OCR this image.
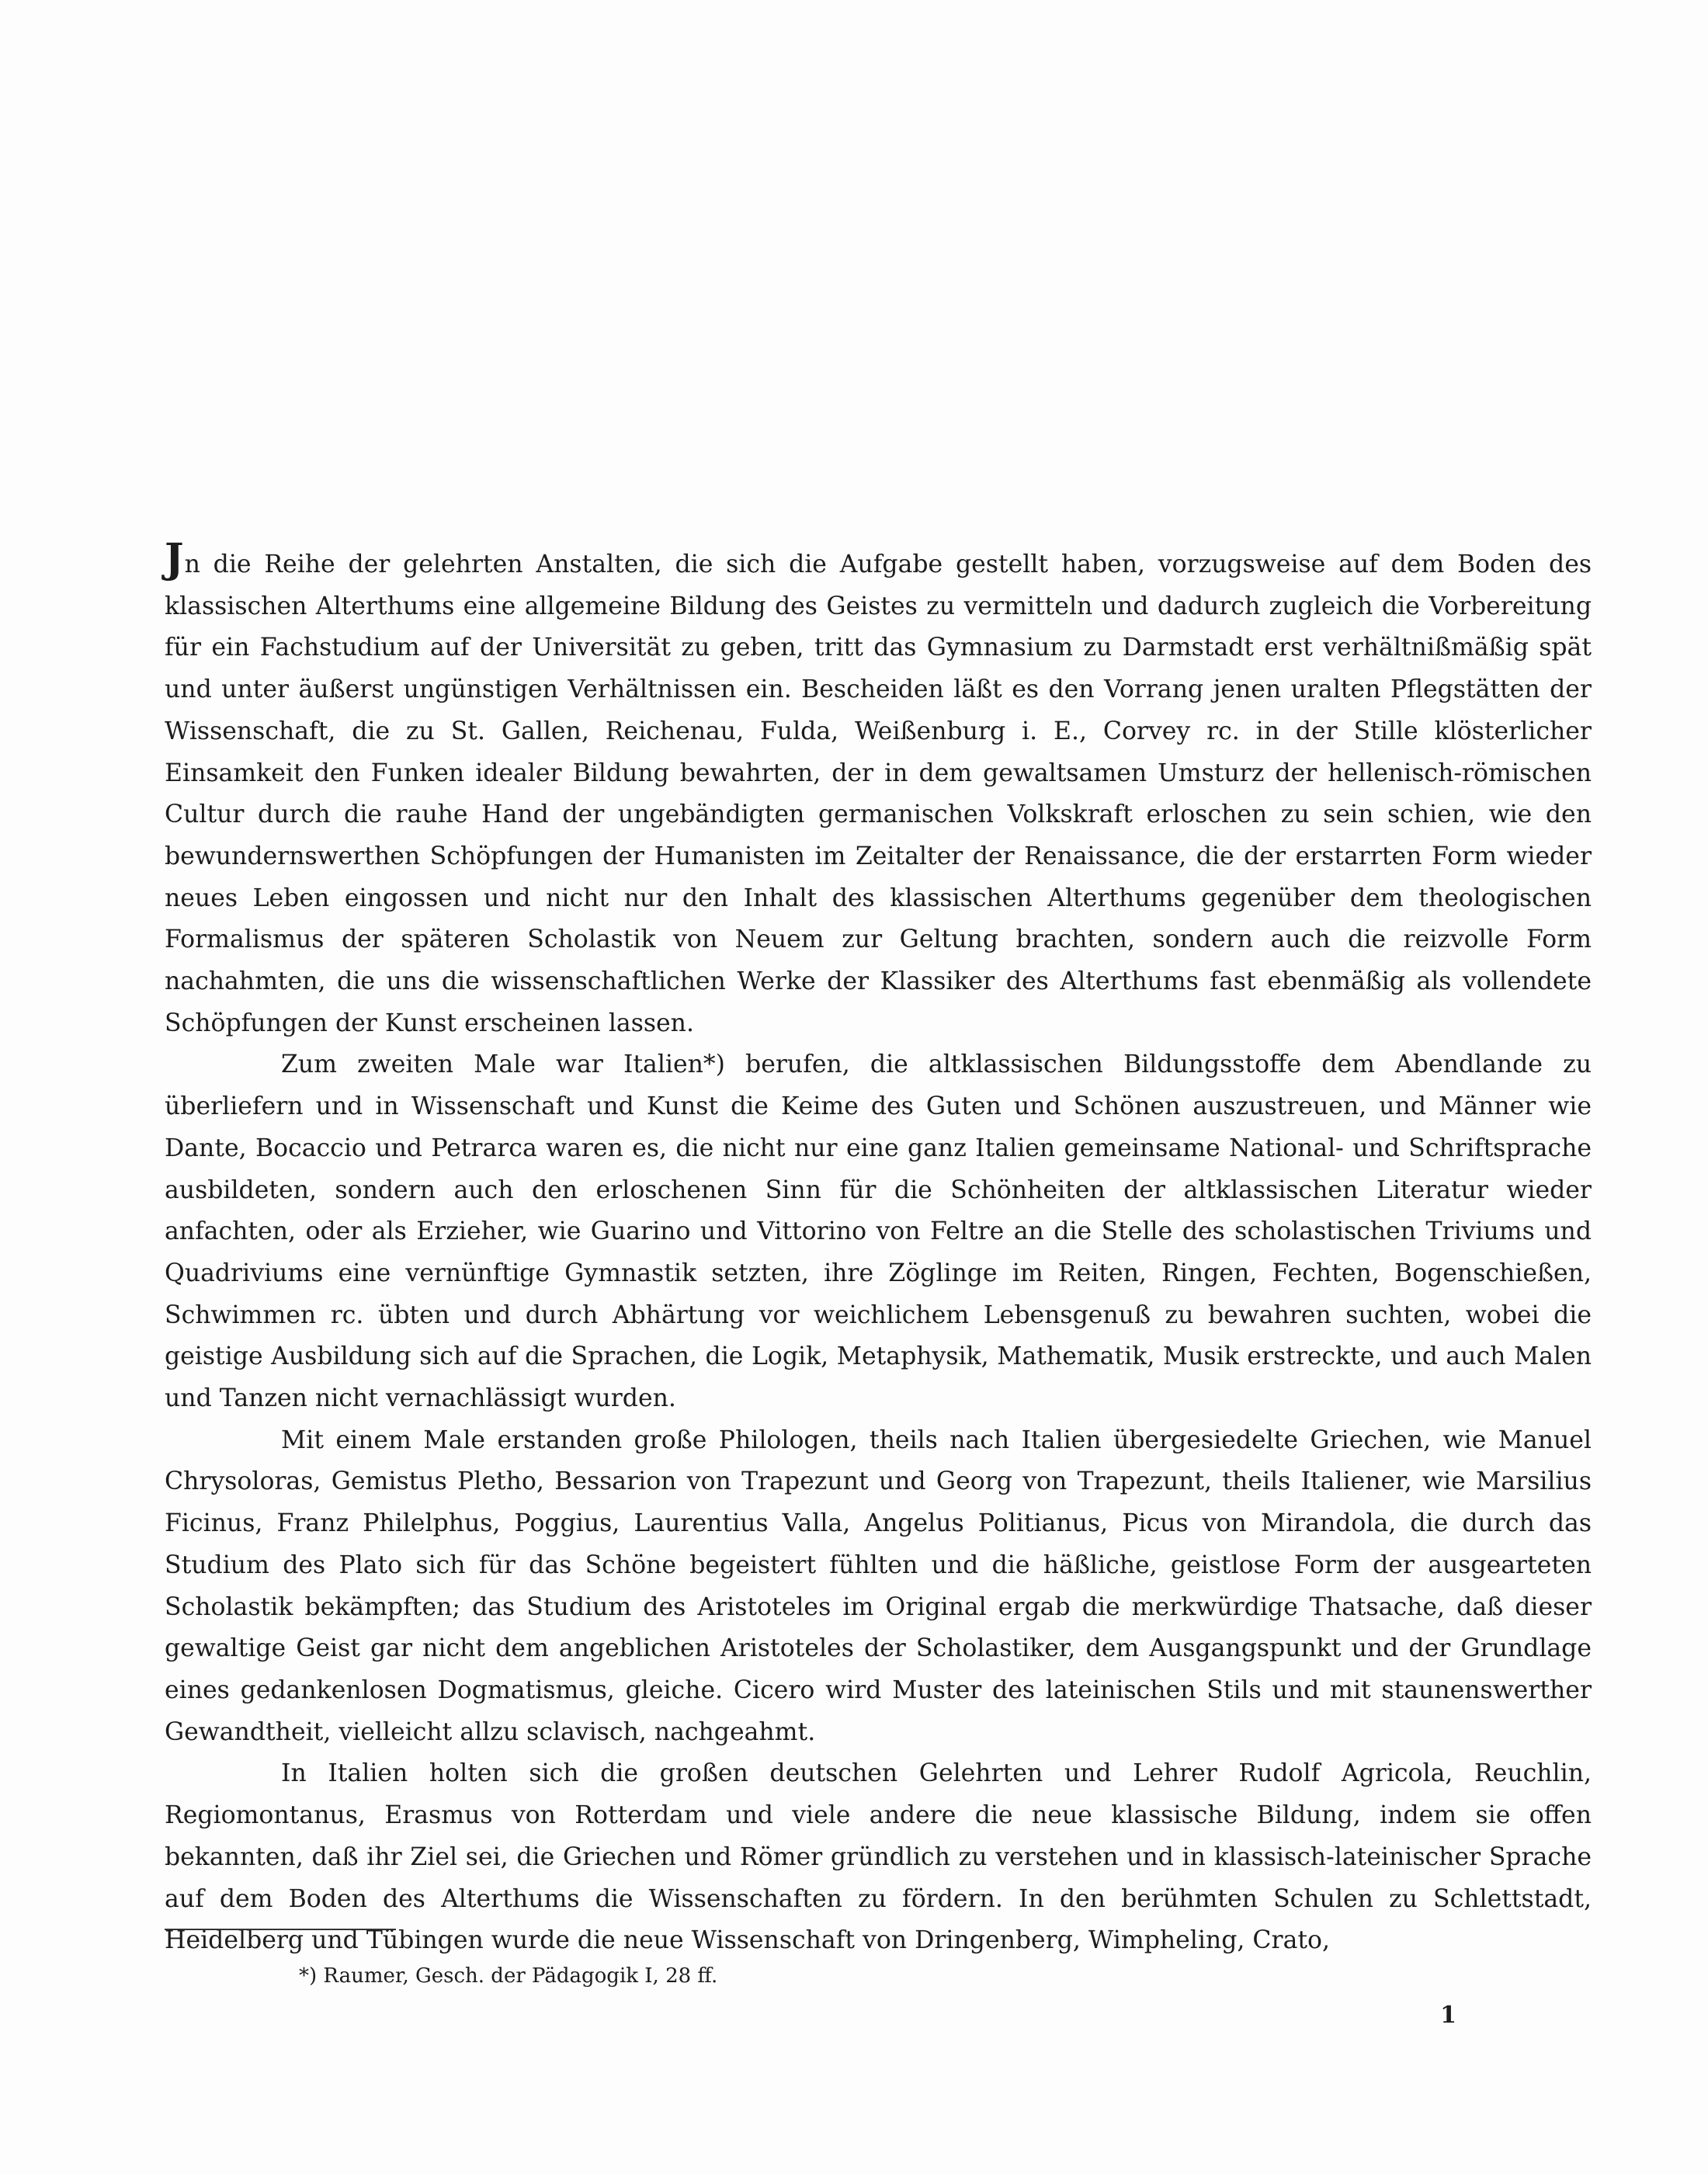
Jn die Reihe der gelehrten Anstalten, die sich die Aufgabe gestellt haben, vorzugsweise auf dem Boden des klassischen Alterthums eine allgemeine Bildung des Geistes zu vermitteln und dadurch zugleich die Vorbereitung für ein Fachstudium auf der Universität zu geben, tritt das Gymnasium zu Darmstadt erst verhältnißmäßig spät und unter äußerst ungünstigen Verhältnissen ein. Bescheiden läßt es den Vorrang jenen uralten Pflegstätten der Wissenschaft, die zu St. Gallen, Reichenau, Fulda, Weißenburg i. E., Corvey rc. in der Stille klösterlicher Einsamkeit den Funken idealer Bildung bewahrten, der in dem gewaltsamen Umsturz der hellenisch-römischen Cultur durch die rauhe Hand der ungebändigten germanischen Volkskraft erloschen zu sein schien, wie den bewundernswerthen Schöpfungen der Humanisten im Zeitalter der Renaissance, die der erstarrten Form wieder neues Leben eingossen und nicht nur den Inhalt des klassischen Alterthums gegenüber dem theologischen Formalismus der späteren Scholastik von Neuem zur Geltung brachten, sondern auch die reizvolle Form nachahmten, die uns die wissenschaftlichen Werke der Klassiker des Alterthums fast ebenmäßig als vollendete Schöpfungen der Kunst erscheinen lassen.

Zum zweiten Male war Italien*) berufen, die altklassischen Bildungsstoffe dem Abendlande zu überliefern und in Wissenschaft und Kunst die Keime des Guten und Schönen auszustreuen, und Männer wie Dante, Bocaccio und Petrarca waren es, die nicht nur eine ganz Italien gemeinsame National- und Schriftsprache ausbildeten, sondern auch den erloschenen Sinn für die Schönheiten der altklassischen Literatur wieder anfachten, oder als Erzieher, wie Guarino und Vittorino von Feltre an die Stelle des scholastischen Triviums und Quadriviums eine vernünftige Gymnastik setzten, ihre Zöglinge im Reiten, Ringen, Fechten, Bogenschießen, Schwimmen rc. übten und durch Abhärtung vor weichlichem Lebensgenuß zu bewahren suchten, wobei die geistige Ausbildung sich auf die Sprachen, die Logik, Metaphysik, Mathematik, Musik erstreckte, und auch Malen und Tanzen nicht vernachlässigt wurden.

Mit einem Male erstanden große Philologen, theils nach Italien übergesiedelte Griechen, wie Manuel Chrysoloras, Gemistus Pletho, Bessarion von Trapezunt und Georg von Trapezunt, theils Italiener, wie Marsilius Ficinus, Franz Philelphus, Poggius, Laurentius Valla, Angelus Politianus, Picus von Mirandola, die durch das Studium des Plato sich für das Schöne begeistert fühlten und die häßliche, geistlose Form der ausgearteten Scholastik bekämpften; das Studium des Aristoteles im Original ergab die merkwürdige Thatsache, daß dieser gewaltige Geist gar nicht dem angeblichen Aristoteles der Scholastiker, dem Ausgangspunkt und der Grundlage eines gedankenlosen Dogmatismus, gleiche. Cicero wird Muster des lateinischen Stils und mit staunenswerther Gewandtheit, vielleicht allzu sclavisch, nachgeahmt.

In Italien holten sich die großen deutschen Gelehrten und Lehrer Rudolf Agricola, Reuchlin, Regiomontanus, Erasmus von Rotterdam und viele andere die neue klassische Bildung, indem sie offen bekannten, daß ihr Ziel sei, die Griechen und Römer gründlich zu verstehen und in klassisch-lateinischer Sprache auf dem Boden des Alterthums die Wissenschaften zu fördern. In den berühmten Schulen zu Schlettstadt, Heidelberg und Tübingen wurde die neue Wissenschaft von Dringenberg, Wimpheling, Crato,

*) Raumer, Gesch. der Pädagogik I, 28 ff.
1
